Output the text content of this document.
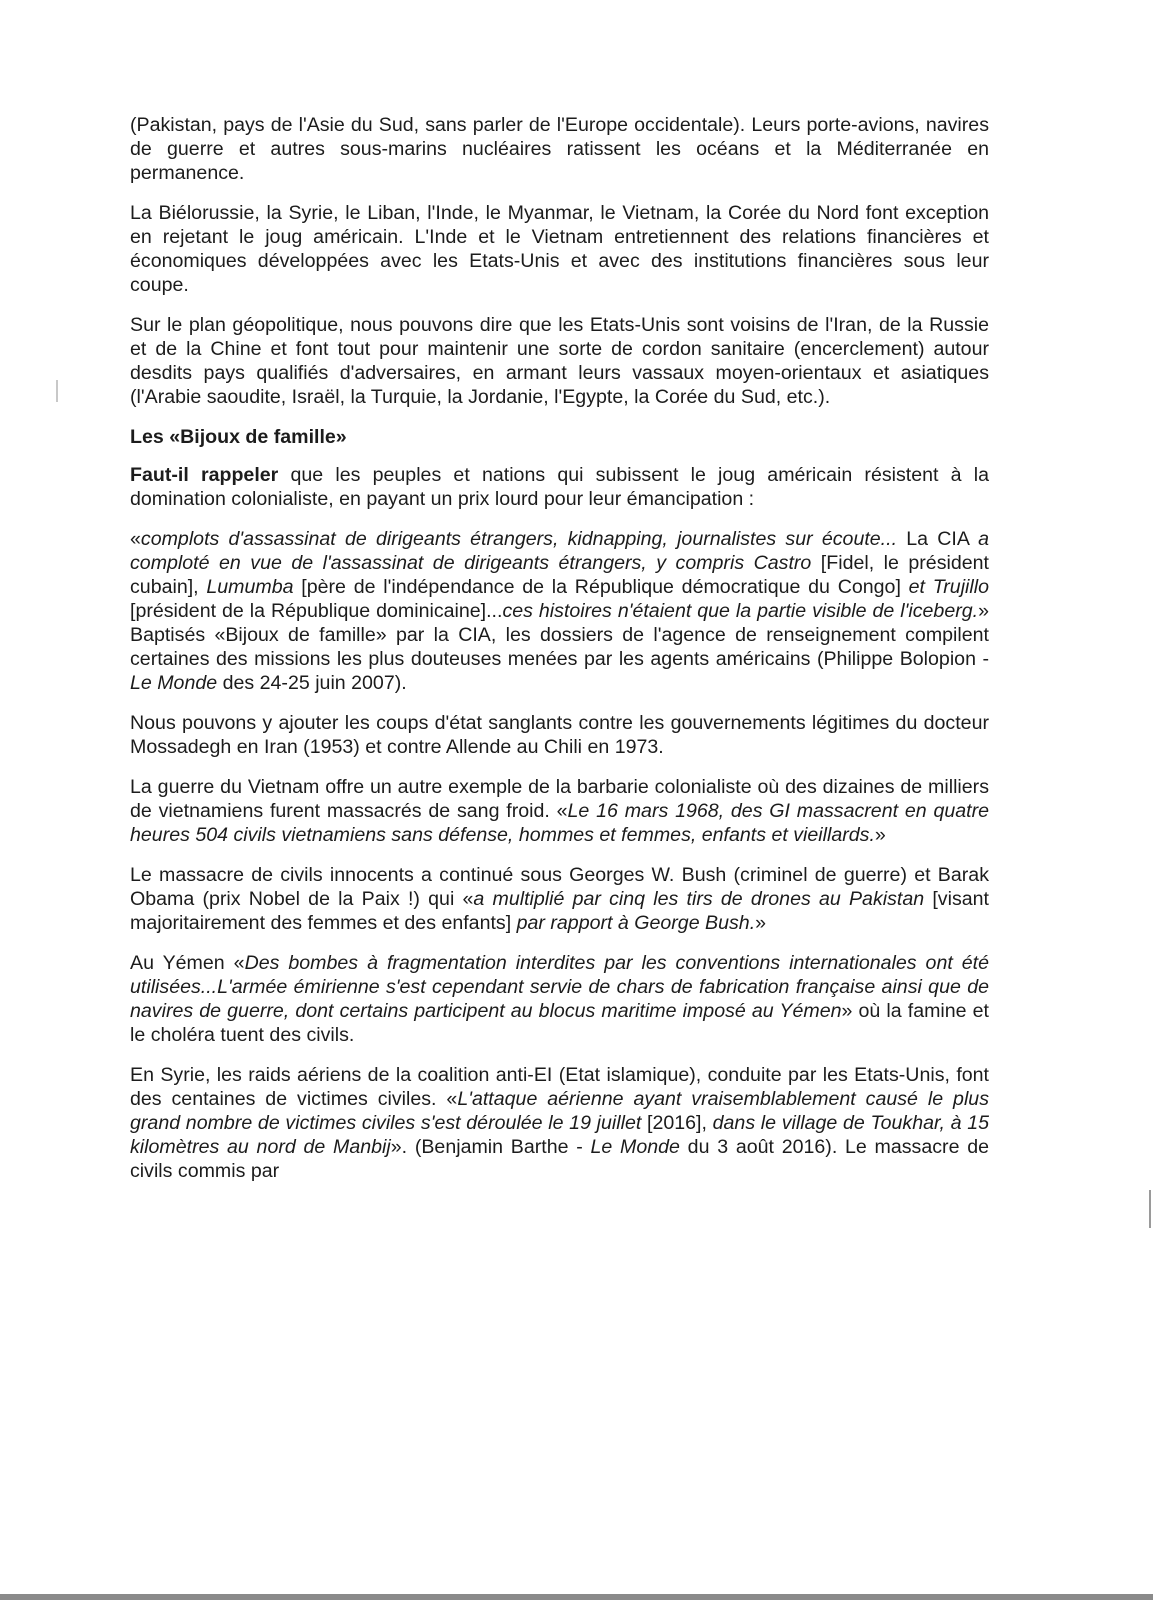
(Pakistan, pays de l'Asie du Sud, sans parler de l'Europe occidentale). Leurs porte-avions, navires de guerre et autres sous-marins nucléaires ratissent les océans et la Méditerranée en permanence.

La Biélorussie, la Syrie, le Liban, l'Inde, le Myanmar, le Vietnam, la Corée du Nord font exception en rejetant le joug américain. L'Inde et le Vietnam entretiennent des relations financières et économiques développées avec les Etats-Unis et avec des institutions financières sous leur coupe.

Sur le plan géopolitique, nous pouvons dire que les Etats-Unis sont voisins de l'Iran, de la Russie et de la Chine et font tout pour maintenir une sorte de cordon sanitaire (encerclement) autour desdits pays qualifiés d'adversaires, en armant leurs vassaux moyen-orientaux et asiatiques (l'Arabie saoudite, Israël, la Turquie, la Jordanie, l'Egypte, la Corée du Sud, etc.).

Les «Bijoux de famille»

Faut-il rappeler que les peuples et nations qui subissent le joug américain résistent à la domination colonialiste, en payant un prix lourd pour leur émancipation :

«complots d'assassinat de dirigeants étrangers, kidnapping, journalistes sur écoute... La CIA a comploté en vue de l'assassinat de dirigeants étrangers, y compris Castro [Fidel, le président cubain], Lumumba [père de l'indépendance de la République démocratique du Congo] et Trujillo [président de la République dominicaine]...ces histoires n'étaient que la partie visible de l'iceberg.» Baptisés «Bijoux de famille» par la CIA, les dossiers de l'agence de renseignement compilent certaines des missions les plus douteuses menées par les agents américains (Philippe Bolopion - Le Monde des 24-25 juin 2007).

Nous pouvons y ajouter les coups d'état sanglants contre les gouvernements légitimes du docteur Mossadegh en Iran (1953) et contre Allende au Chili en 1973.

La guerre du Vietnam offre un autre exemple de la barbarie colonialiste où des dizaines de milliers de vietnamiens furent massacrés de sang froid. «Le 16 mars 1968, des GI massacrent en quatre heures 504 civils vietnamiens sans défense, hommes et femmes, enfants et vieillards.»

Le massacre de civils innocents a continué sous Georges W. Bush (criminel de guerre) et Barak Obama (prix Nobel de la Paix !) qui «a multiplié par cinq les tirs de drones au Pakistan [visant majoritairement des femmes et des enfants] par rapport à George Bush.»

Au Yémen «Des bombes à fragmentation interdites par les conventions internationales ont été utilisées...L'armée émirienne s'est cependant servie de chars de fabrication française ainsi que de navires de guerre, dont certains participent au blocus maritime imposé au Yémen» où la famine et le choléra tuent des civils.

En Syrie, les raids aériens de la coalition anti-EI (Etat islamique), conduite par les Etats-Unis, font des centaines de victimes civiles. «L'attaque aérienne ayant vraisemblablement causé le plus grand nombre de victimes civiles s'est déroulée le 19 juillet [2016], dans le village de Toukhar, à 15 kilomètres au nord de Manbij». (Benjamin Barthe - Le Monde du 3 août 2016). Le massacre de civils commis par
